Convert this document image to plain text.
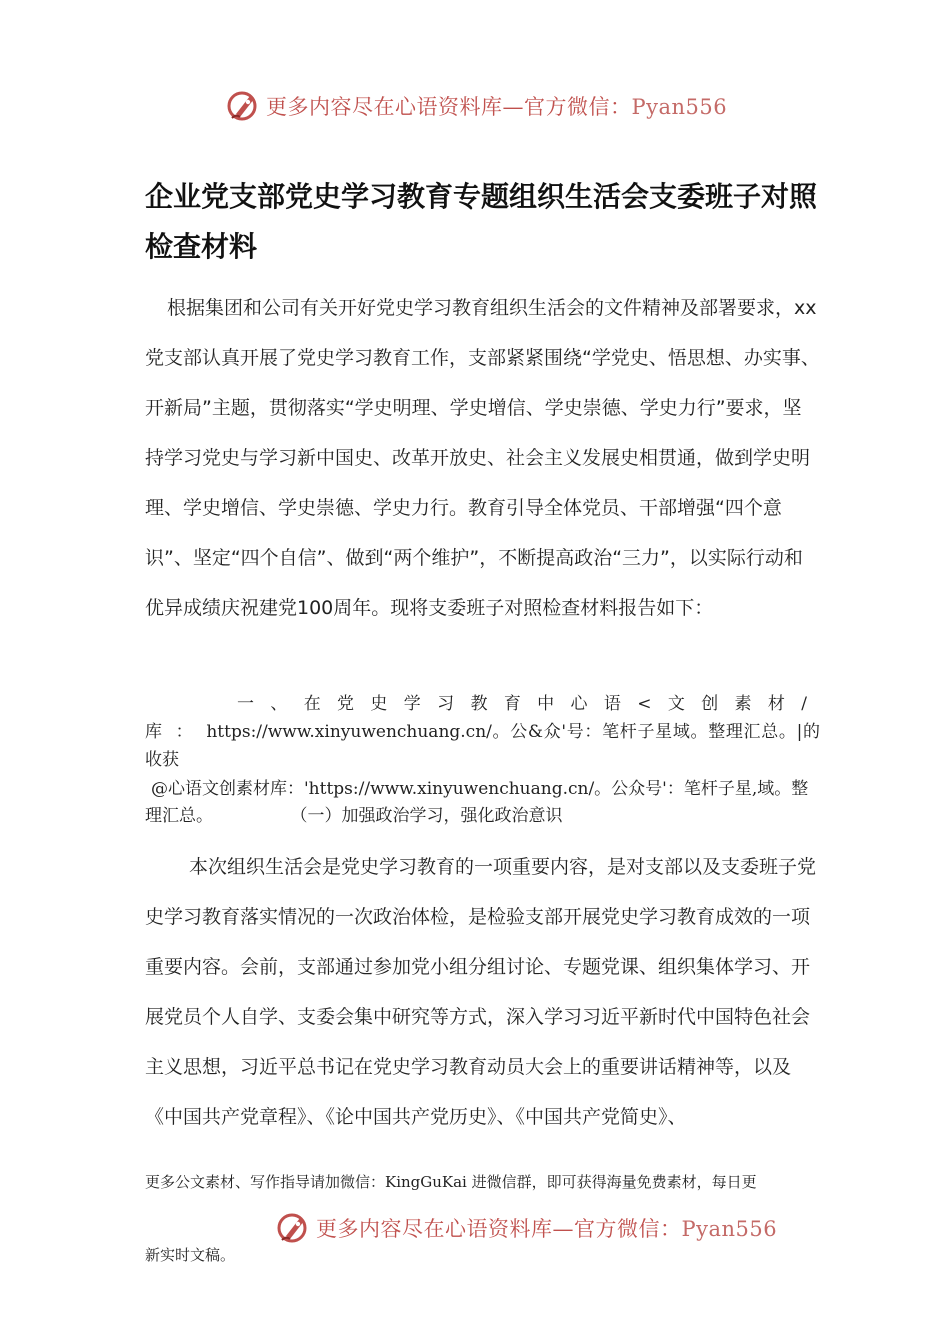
更多内容尽在心语资料库—官方微信：Pyan556
企业党支部党史学习教育专题组织生活会支委班子对照检查材料

根据集团和公司有关开好党史学习教育组织生活会的文件精神及部署要求，xx党支部认真开展了党史学习教育工作，支部紧紧围绕“学党史、悟思想、办实事、开新局”主题，贯彻落实“学史明理、学史增信、学史崇德、学史力行”要求，坚持学习党史与学习新中国史、改革开放史、社会主义发展史相贯通，做到学史明理、学史增信、学史崇德、学史力行。教育引导全体党员、干部增强“四个意识”、坚定“四个自信”、做到“两个维护”，不断提高政治“三力”，以实际行动和优异成绩庆祝建党100周年。现将支委班子对照检查材料报告如下：

一、在党史学习教育中心语<文创素材/库：https://www.xinyuwenchuang.cn/。公&众'号：笔杆子星域。整理汇总。|的收获

@心语文创素材库：'https://www.xinyuwenchuang.cn/。公众号'：笔杆子星,域。整理汇总。	（一）加强政治学习，强化政治意识

本次组织生活会是党史学习教育的一项重要内容，是对支部以及支委班子党史学习教育落实情况的一次政治体检，是检验支部开展党史学习教育成效的一项重要内容。会前，支部通过参加党小组分组讨论、专题党课、组织集体学习、开展党员个人自学、支委会集中研究等方式，深入学习习近平新时代中国特色社会主义思想，习近平总书记在党史学习教育动员大会上的重要讲话精神等，以及《中国共产党章程》、《论中国共产党历史》、《中国共产党简史》、

更多公文素材、写作指导请加微信：KingGuKai 进微信群，即可获得海量免费素材，每日更

更多内容尽在心语资料库—官方微信：Pyan556

新实时文稿。
